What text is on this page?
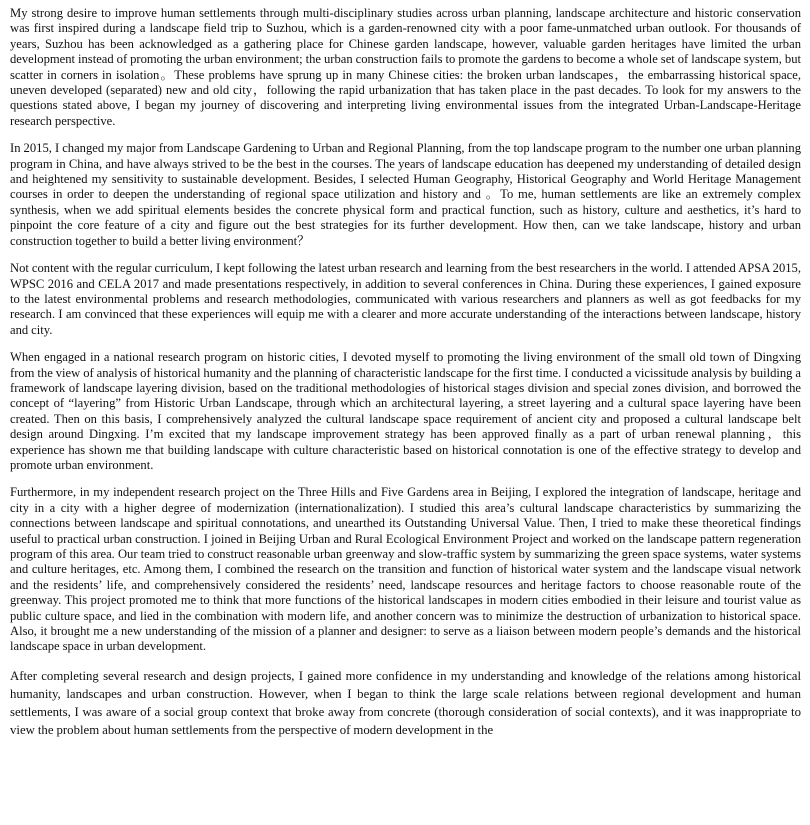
My strong desire to improve human settlements through multi-disciplinary studies across urban planning, landscape architecture and historic conservation was first inspired during a landscape field trip to Suzhou, which is a garden-renowned city with a poor fame-unmatched urban outlook. For thousands of years, Suzhou has been acknowledged as a gathering place for Chinese garden landscape, however, valuable garden heritages have limited the urban development instead of promoting the urban environment; the urban construction fails to promote the gardens to become a whole set of landscape system, but scatter in corners in isolation。These problems have sprung up in many Chinese cities: the broken urban landscapes，the embarrassing historical space, uneven developed (separated) new and old city，following the rapid urbanization that has taken place in the past decades. To look for my answers to the questions stated above, I began my journey of discovering and interpreting living environmental issues from the integrated Urban-Landscape-Heritage research perspective.

In 2015, I changed my major from Landscape Gardening to Urban and Regional Planning, from the top landscape program to the number one urban planning program in China, and have always strived to be the best in the courses. The years of landscape education has deepened my understanding of detailed design and heightened my sensitivity to sustainable development. Besides, I selected Human Geography, Historical Geography and World Heritage Management courses in order to deepen the understanding of regional space utilization and history and 。To me, human settlements are like an extremely complex synthesis, when we add spiritual elements besides the concrete physical form and practical function, such as history, culture and aesthetics, it’s hard to pinpoint the core feature of a city and figure out the best strategies for its further development. How then, can we take landscape, history and urban construction together to build a better living environment？

Not content with the regular curriculum, I kept following the latest urban research and learning from the best researchers in the world. I attended APSA 2015, WPSC 2016 and CELA 2017 and made presentations respectively, in addition to several conferences in China. During these experiences, I gained exposure to the latest environmental problems and research methodologies, communicated with various researchers and planners as well as got feedbacks for my research. I am convinced that these experiences will equip me with a clearer and more accurate understanding of the interactions between landscape, history and city.

When engaged in a national research program on historic cities, I devoted myself to promoting the living environment of the small old town of Dingxing from the view of analysis of historical humanity and the planning of characteristic landscape for the first time. I conducted a vicissitude analysis by building a framework of landscape layering division, based on the traditional methodologies of historical stages division and special zones division, and borrowed the concept of “layering” from Historic Urban Landscape, through which an architectural layering, a street layering and a cultural space layering have been created. Then on this basis, I comprehensively analyzed the cultural landscape space requirement of ancient city and proposed a cultural landscape belt design around Dingxing. I’m excited that my landscape improvement strategy has been approved finally as a part of urban renewal planning，this experience has shown me that building landscape with culture characteristic based on historical connotation is one of the effective strategy to develop and promote urban environment.

Furthermore, in my independent research project on the Three Hills and Five Gardens area in Beijing, I explored the integration of landscape, heritage and city in a city with a higher degree of modernization (internationalization). I studied this area’s cultural landscape characteristics by summarizing the connections between landscape and spiritual connotations, and unearthed its Outstanding Universal Value. Then, I tried to make these theoretical findings useful to practical urban construction. I joined in Beijing Urban and Rural Ecological Environment Project and worked on the landscape pattern regeneration program of this area. Our team tried to construct reasonable urban greenway and slow-traffic system by summarizing the green space systems, water systems and culture heritages, etc. Among them, I combined the research on the transition and function of historical water system and the landscape visual network and the residents’ life, and comprehensively considered the residents’ need, landscape resources and heritage factors to choose reasonable route of the greenway. This project promoted me to think that more functions of the historical landscapes in modern cities embodied in their leisure and tourist value as public culture space, and lied in the combination with modern life, and another concern was to minimize the destruction of urbanization to historical space. Also, it brought me a new understanding of the mission of a planner and designer: to serve as a liaison between modern people’s demands and the historical landscape space in urban development.

After completing several research and design projects, I gained more confidence in my understanding and knowledge of the relations among historical humanity, landscapes and urban construction. However, when I began to think the large scale relations between regional development and human settlements, I was aware of a social group context that broke away from concrete (thorough consideration of social contexts), and it was inappropriate to view the problem about human settlements from the perspective of modern development in the
